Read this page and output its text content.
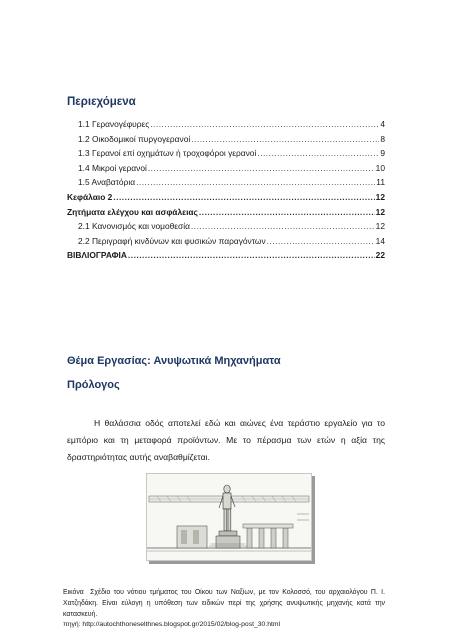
Περιεχόμενα
1.1 Γερανογέφυρες .....	4
1.2 Οικοδομικοί πυργογερανοί .....	8
1.3 Γερανοί επί οχημάτων ή τροχοφόροι γερανοί .....	9
1.4 Μικροί γερανοί .....	10
1.5 Αναβατόρια .....	11
Κεφάλαιο 2 .....	12
Ζητήματα ελέγχου και ασφάλειας .....	12
2.1 Κανονισμός και νομοθεσία .....	12
2.2 Περιγραφή κινδύνων και φυσικών παραγόντων .....	14
ΒΙΒΛΙΟΓΡΑΦΙΑ .....	22
Θέμα Εργασίας: Ανυψωτικά Μηχανήματα
Πρόλογος
Η θαλάσσια οδός αποτελεί εδώ και αιώνες ένα τεράστιο εργαλείο για το εμπόριο και τη μεταφορά προϊόντων. Με το πέρασμα των ετών η αξία της δραστηριότητας αυτής αναβαθμίζεται.
Εικόνα Σχέδιο του νότιου τμήματος του Οίκου των Ναξίων, με τον Κολοσσό, του αρχαιολόγου Π. Ι. Χατζηδάκη. Είναι εύλογη η υπόθεση των ειδικών περί της χρήσης ανυψωτικής μηχανής κατά την κατασκευή.
πηγή: http://autochthoneselthnes.blogspot.gr/2015/02/blog-post_30.html
